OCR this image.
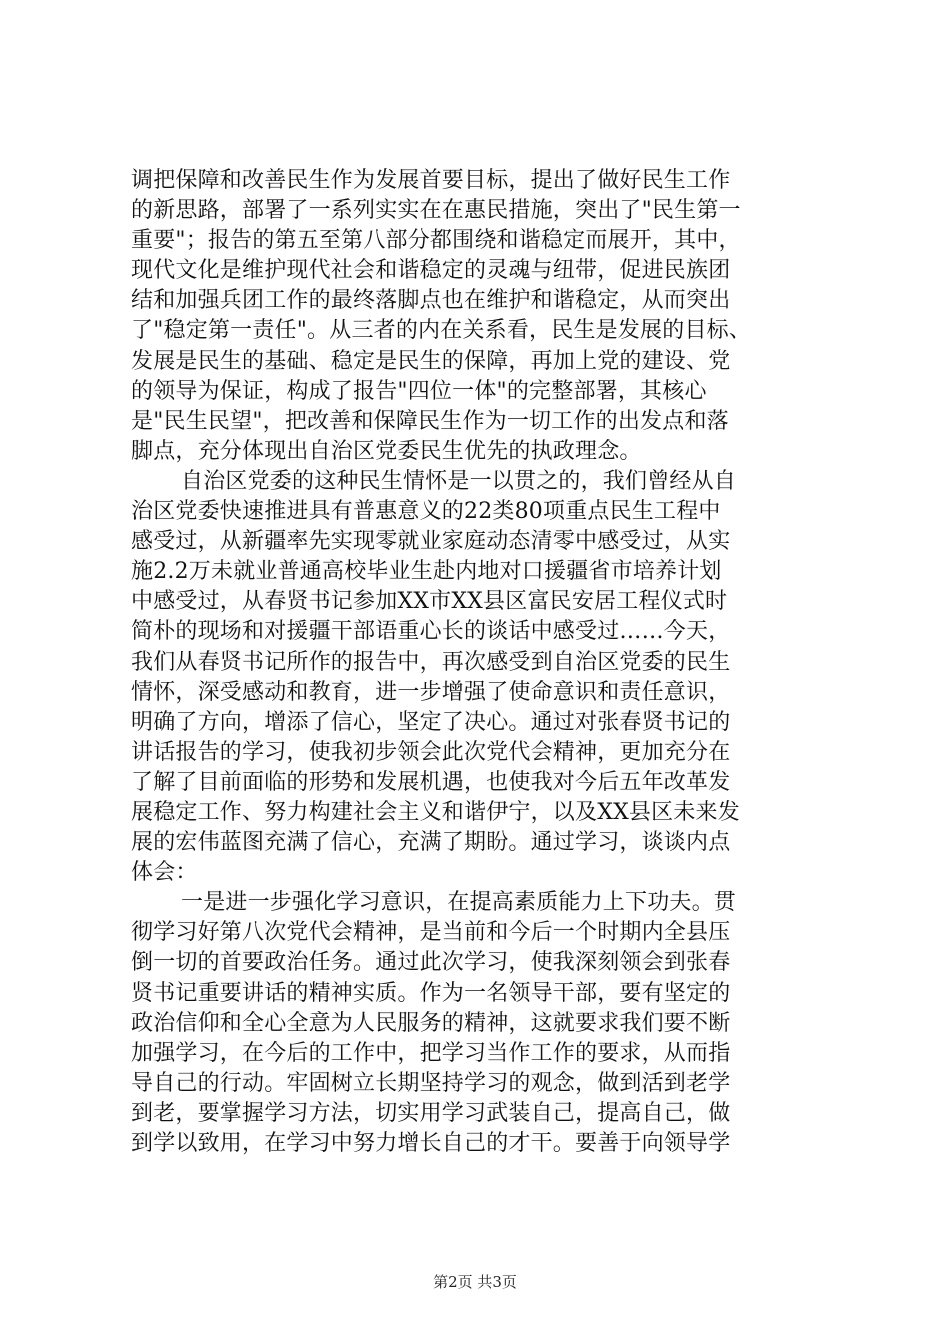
调把保障和改善民生作为发展首要目标，提出了做好民生工作
的新思路，部署了一系列实实在在惠民措施，突出了"民生第一
重要"；报告的第五至第八部分都围绕和谐稳定而展开，其中，
现代文化是维护现代社会和谐稳定的灵魂与纽带，促进民族团
结和加强兵团工作的最终落脚点也在维护和谐稳定，从而突出
了"稳定第一责任"。从三者的内在关系看，民生是发展的目标、
发展是民生的基础、稳定是民生的保障，再加上党的建设、党
的领导为保证，构成了报告"四位一体"的完整部署，其核心
是"民生民望"，把改善和保障民生作为一切工作的出发点和落
脚点，充分体现出自治区党委民生优先的执政理念。
自治区党委的这种民生情怀是一以贯之的，我们曾经从自
治区党委快速推进具有普惠意义的22类80项重点民生工程中
感受过，从新疆率先实现零就业家庭动态清零中感受过，从实
施2.2万未就业普通高校毕业生赴内地对口援疆省市培养计划
中感受过，从春贤书记参加XX市XX县区富民安居工程仪式时
简朴的现场和对援疆干部语重心长的谈话中感受过……今天，
我们从春贤书记所作的报告中，再次感受到自治区党委的民生
情怀，深受感动和教育，进一步增强了使命意识和责任意识，
明确了方向，增添了信心，坚定了决心。通过对张春贤书记的
讲话报告的学习，使我初步领会此次党代会精神，更加充分在
了解了目前面临的形势和发展机遇，也使我对今后五年改革发
展稳定工作、努力构建社会主义和谐伊宁，以及XX县区未来发
展的宏伟蓝图充满了信心，充满了期盼。通过学习，谈谈内点
体会：
一是进一步强化学习意识，在提高素质能力上下功夫。贯
彻学习好第八次党代会精神，是当前和今后一个时期内全县压
倒一切的首要政治任务。通过此次学习，使我深刻领会到张春
贤书记重要讲话的精神实质。作为一名领导干部，要有坚定的
政治信仰和全心全意为人民服务的精神，这就要求我们要不断
加强学习，在今后的工作中，把学习当作工作的要求，从而指
导自己的行动。牢固树立长期坚持学习的观念，做到活到老学
到老，要掌握学习方法，切实用学习武装自己，提高自己，做
到学以致用，在学习中努力增长自己的才干。要善于向领导学
第2页 共3页
